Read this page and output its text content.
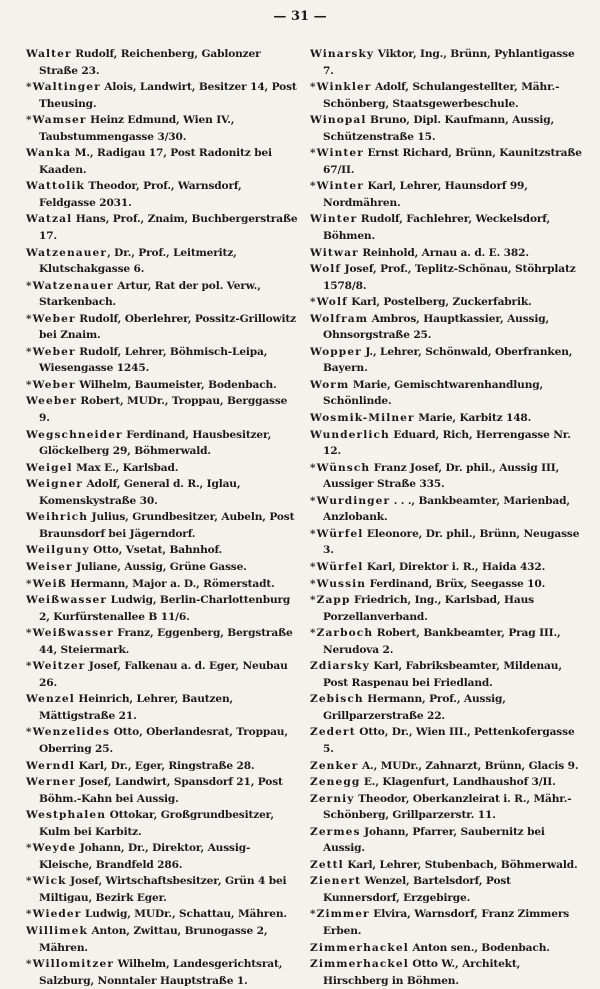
— 31 —
Walter Rudolf, Reichenberg, Gablonzer Straße 23.
*Waltinger Alois, Landwirt, Besitzer 14, Post Theusing.
*Wamser Heinz Edmund, Wien IV., Taubstummengasse 3/30.
Wanka M., Radigau 17, Post Radonitz bei Kaaden.
Wattolik Theodor, Prof., Warnsdorf, Feldgasse 2031.
Watzal Hans, Prof., Znaim, Buchbergerstraße 17.
Watzenauer, Dr., Prof., Leitmeritz, Klutschakgasse 6.
*Watzenauer Artur, Rat der pol. Verw., Starkenbach.
*Weber Rudolf, Oberlehrer, Possitz-Grillowitz bei Znaim.
*Weber Rudolf, Lehrer, Böhmisch-Leipa, Wiesengasse 1245.
*Weber Wilhelm, Baumeister, Bodenbach.
Weeber Robert, MUDr., Troppau, Berggasse 9.
Wegschneider Ferdinand, Hausbesitzer, Glöckelberg 29, Böhmerwald.
Weigel Max E., Karlsbad.
Weigner Adolf, General d. R., Iglau, Komenskystraße 30.
Weihrich Julius, Grundbesitzer, Aubeln, Post Braunsdorf bei Jägerndorf.
Weilguny Otto, Vsetat, Bahnhof.
Weiser Juliane, Aussig, Grüne Gasse.
*Weiß Hermann, Major a. D., Römerstadt.
Weißwasser Ludwig, Berlin-Charlottenburg 2, Kurfürstenallee B 11/6.
*Weißwasser Franz, Eggenberg, Bergstraße 44, Steiermark.
*Weitzer Josef, Falkenau a. d. Eger, Neubau 26.
Wenzel Heinrich, Lehrer, Bautzen, Mättigstraße 21.
*Wenzelides Otto, Oberlandesrat, Troppau, Oberring 25.
Werndl Karl, Dr., Eger, Ringstraße 28.
Werner Josef, Landwirt, Spansdorf 21, Post Böhm.-Kahn bei Aussig.
Westphalen Ottokar, Großgrundbesitzer, Kulm bei Karbitz.
*Weyde Johann, Dr., Direktor, Aussig-Kleische, Brandfeld 286.
*Wick Josef, Wirtschaftsbesitzer, Grün 4 bei Miltigau, Bezirk Eger.
*Wieder Ludwig, MUDr., Schattau, Mähren.
Willimek Anton, Zwittau, Brunogasse 2, Mähren.
*Willomitzer Wilhelm, Landesgerichtsrat, Salzburg, Nonntaler Hauptstraße 1.
Winarsky Viktor, Ing., Brünn, Pyhlantigasse 7.
*Winkler Adolf, Schulangestellter, Mähr.-Schönberg, Staatsgewerbeschule.
Winopal Bruno, Dipl. Kaufmann, Aussig, Schützenstraße 15.
*Winter Ernst Richard, Brünn, Kaunitzstraße 67/II.
*Winter Karl, Lehrer, Haunsdorf 99, Nordmähren.
Winter Rudolf, Fachlehrer, Weckelsdorf, Böhmen.
Witwar Reinhold, Arnau a. d. E. 382.
Wolf Josef, Prof., Teplitz-Schönau, Stöhrplatz 1578/8.
*Wolf Karl, Postelberg, Zuckerfabrik.
Wolfram Ambros, Hauptkassier, Aussig, Ohnsorgstraße 25.
Wopper J., Lehrer, Schönwald, Oberfranken, Bayern.
Worm Marie, Gemischtwarenhandlung, Schönlinde.
Wosmik-Milner Marie, Karbitz 148.
Wunderlich Eduard, Rich, Herrengasse Nr. 12.
*Wünsch Franz Josef, Dr. phil., Aussig III, Aussiger Straße 335.
*Wurdinger . . ., Bankbeamter, Marienbad, Anzlobank.
*Würfel Eleonore, Dr. phil., Brünn, Neugasse 3.
*Würfel Karl, Direktor i. R., Haida 432.
*Wussin Ferdinand, Brüx, Seegasse 10.
*Zapp Friedrich, Ing., Karlsbad, Haus Porzellanverband.
*Zarboch Robert, Bankbeamter, Prag III., Nerudova 2.
Zdiarsky Karl, Fabriksbeamter, Mildenau, Post Raspenau bei Friedland.
Zebisch Hermann, Prof., Aussig, Grillparzerstraße 22.
Zedert Otto, Dr., Wien III., Pettenkofergasse 5.
Zenker A., MUDr., Zahnarzt, Brünn, Glacis 9.
Zenegg E., Klagenfurt, Landhaushof 3/II.
Zerniy Theodor, Oberkanzleirat i. R., Mähr.-Schönberg, Grillparzerstr. 11.
Zermes Johann, Pfarrer, Saubernitz bei Aussig.
Zettl Karl, Lehrer, Stubenbach, Böhmerwald.
Zienert Wenzel, Bartelsdorf, Post Kunnersdorf, Erzgebirge.
*Zimmer Elvira, Warnsdorf, Franz Zimmers Erben.
Zimmerhackel Anton sen., Bodenbach.
Zimmerhackel Otto W., Architekt, Hirschberg in Böhmen.
